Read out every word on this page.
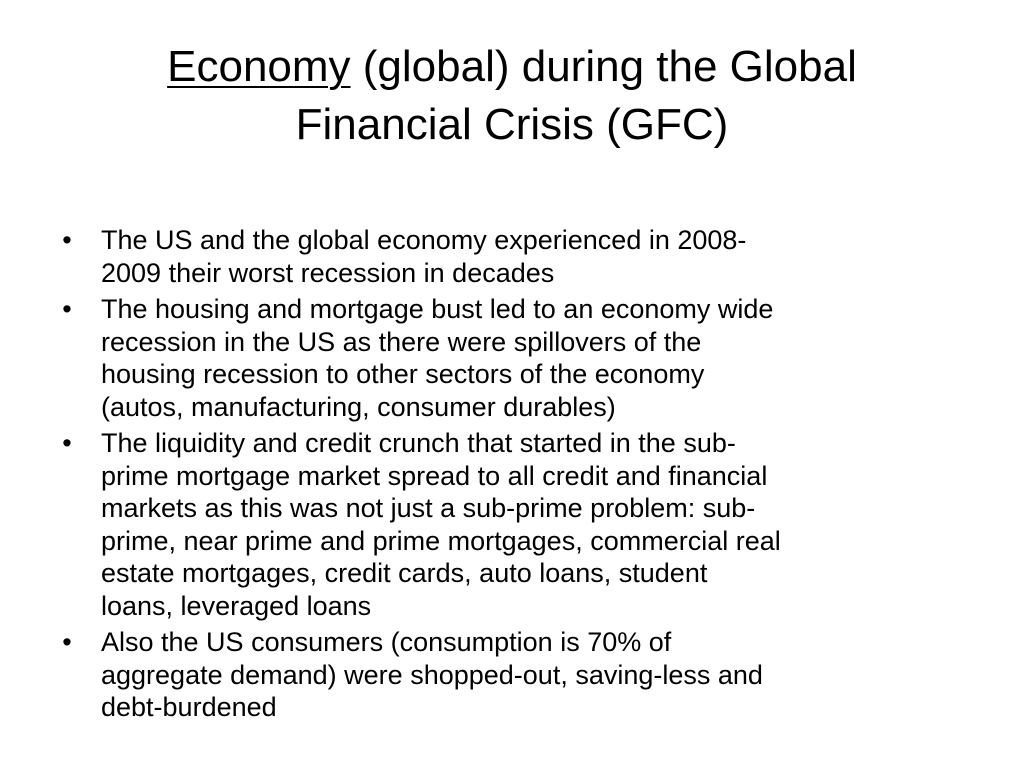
Economy (global) during the Global
Financial Crisis (GFC)
• The US and the global economy experienced in 2008-
2009 their worst recession in decades
• The housing and mortgage bust led to an economy wide
recession in the US as there were spillovers of the
housing recession to other sectors of the economy
(autos, manufacturing, consumer durables)
• The liquidity and credit crunch that started in the sub-
prime mortgage market spread to all credit and financial
markets as this was not just a sub-prime problem: sub-
prime, near prime and prime mortgages, commercial real
estate mortgages, credit cards, auto loans, student
loans, leveraged loans
• Also the US consumers (consumption is 70% of
aggregate demand) were shopped-out, saving-less and
debt-burdened
